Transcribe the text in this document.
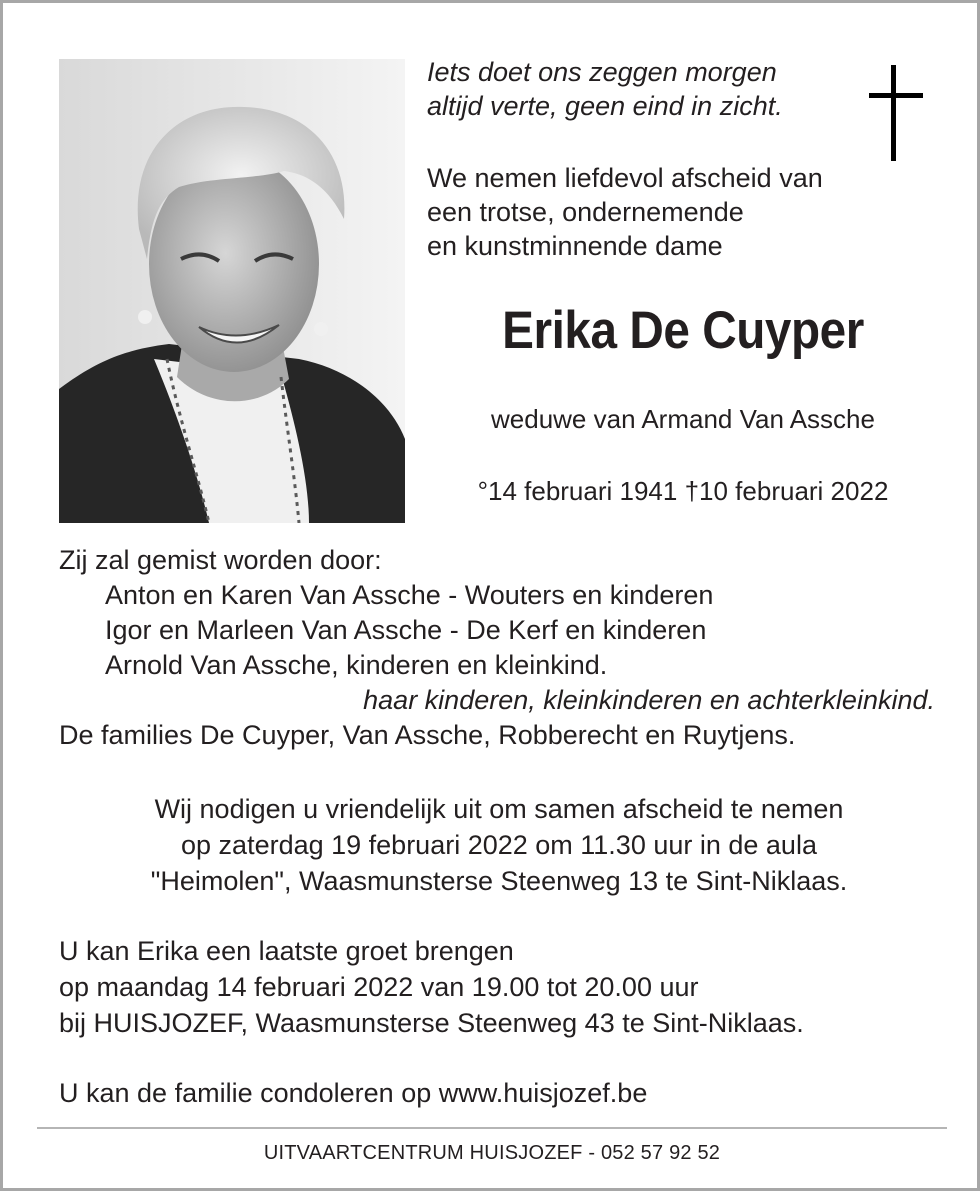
Iets doet ons zeggen morgen
altijd verte, geen eind in zicht.
We nemen liefdevol afscheid van
een trotse, ondernemende
en kunstminnende dame
Erika De Cuyper
weduwe van Armand Van Assche
°14 februari 1941 †10 februari 2022
Zij zal gemist worden door:
Anton en Karen Van Assche - Wouters en kinderen
Igor en Marleen Van Assche - De Kerf en kinderen
Arnold Van Assche, kinderen en kleinkind.
haar kinderen, kleinkinderen en achterkleinkind.
De families De Cuyper, Van Assche, Robberecht en Ruytjens.
Wij nodigen u vriendelijk uit om samen afscheid te nemen
op zaterdag 19 februari 2022 om 11.30 uur in de aula
"Heimolen", Waasmunsterse Steenweg 13 te Sint-Niklaas.
U kan Erika een laatste groet brengen
op maandag 14 februari 2022 van 19.00 tot 20.00 uur
bij HUISJOZEF, Waasmunsterse Steenweg 43 te Sint-Niklaas.
U kan de familie condoleren op www.huisjozef.be
UITVAARTCENTRUM HUISJOZEF - 052 57 92 52
